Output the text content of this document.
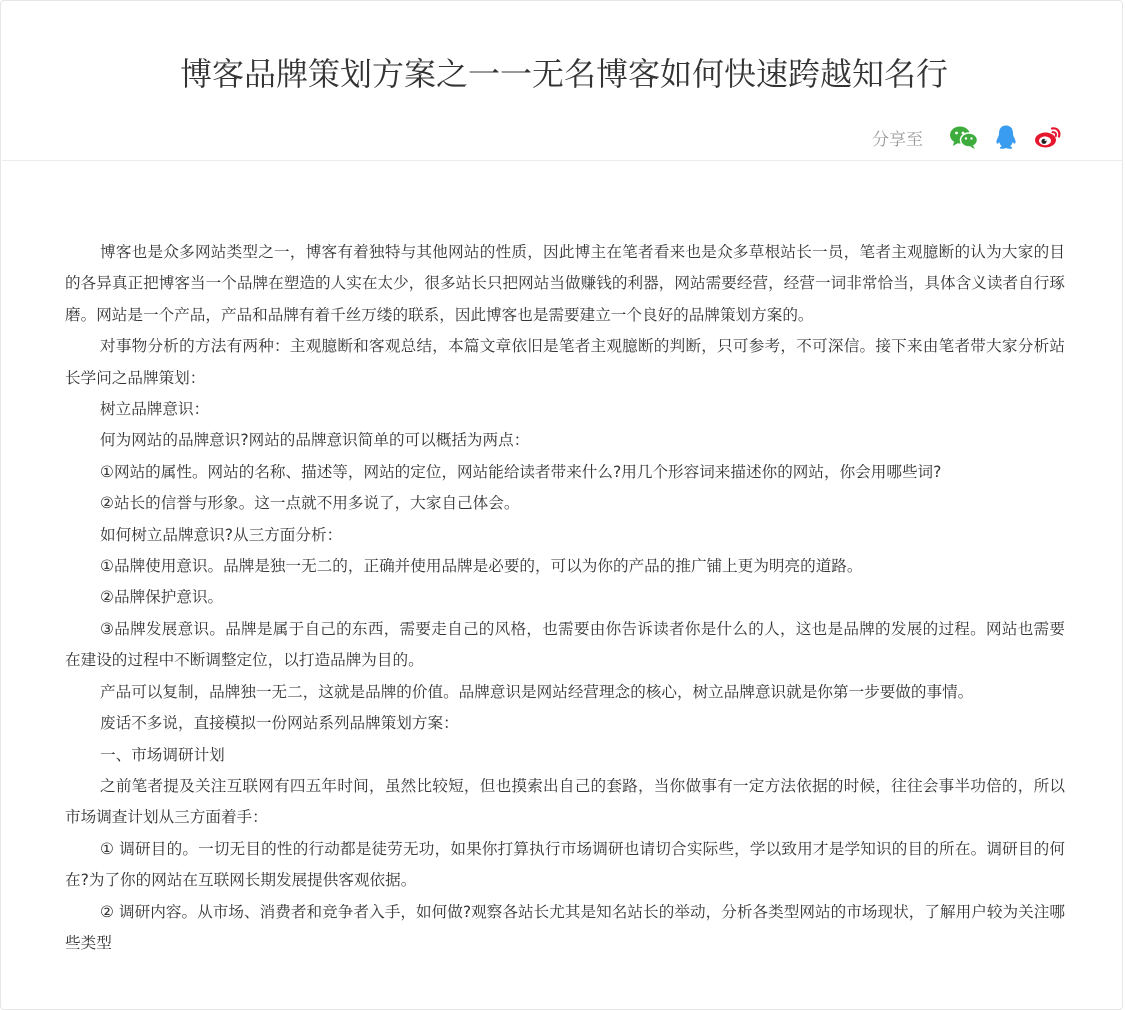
博客品牌策划方案之一一无名博客如何快速跨越知名行
分享至

博客也是众多网站类型之一，博客有着独特与其他网站的性质，因此博主在笔者看来也是众多草根站长一员，笔者主观臆断的认为大家的目的各异真正把博客当一个品牌在塑造的人实在太少，很多站长只把网站当做赚钱的利器，网站需要经营，经营一词非常恰当，具体含义读者自行琢磨。网站是一个产品，产品和品牌有着千丝万缕的联系，因此博客也是需要建立一个良好的品牌策划方案的。

对事物分析的方法有两种：主观臆断和客观总结，本篇文章依旧是笔者主观臆断的判断，只可参考，不可深信。接下来由笔者带大家分析站长学问之品牌策划：

树立品牌意识：

何为网站的品牌意识?网站的品牌意识简单的可以概括为两点：

①网站的属性。网站的名称、描述等，网站的定位，网站能给读者带来什么?用几个形容词来描述你的网站，你会用哪些词?

②站长的信誉与形象。这一点就不用多说了，大家自己体会。

如何树立品牌意识?从三方面分析：

①品牌使用意识。品牌是独一无二的，正确并使用品牌是必要的，可以为你的产品的推广铺上更为明亮的道路。

②品牌保护意识。

③品牌发展意识。品牌是属于自己的东西，需要走自己的风格，也需要由你告诉读者你是什么的人，这也是品牌的发展的过程。网站也需要在建设的过程中不断调整定位，以打造品牌为目的。

产品可以复制，品牌独一无二，这就是品牌的价值。品牌意识是网站经营理念的核心，树立品牌意识就是你第一步要做的事情。

废话不多说，直接模拟一份网站系列品牌策划方案：

一、市场调研计划

之前笔者提及关注互联网有四五年时间，虽然比较短，但也摸索出自己的套路，当你做事有一定方法依据的时候，往往会事半功倍的，所以市场调查计划从三方面着手：

① 调研目的。一切无目的性的行动都是徒劳无功，如果你打算执行市场调研也请切合实际些，学以致用才是学知识的目的所在。调研目的何在?为了你的网站在互联网长期发展提供客观依据。

② 调研内容。从市场、消费者和竞争者入手，如何做?观察各站长尤其是知名站长的举动，分析各类型网站的市场现状，了解用户较为关注哪些类型
